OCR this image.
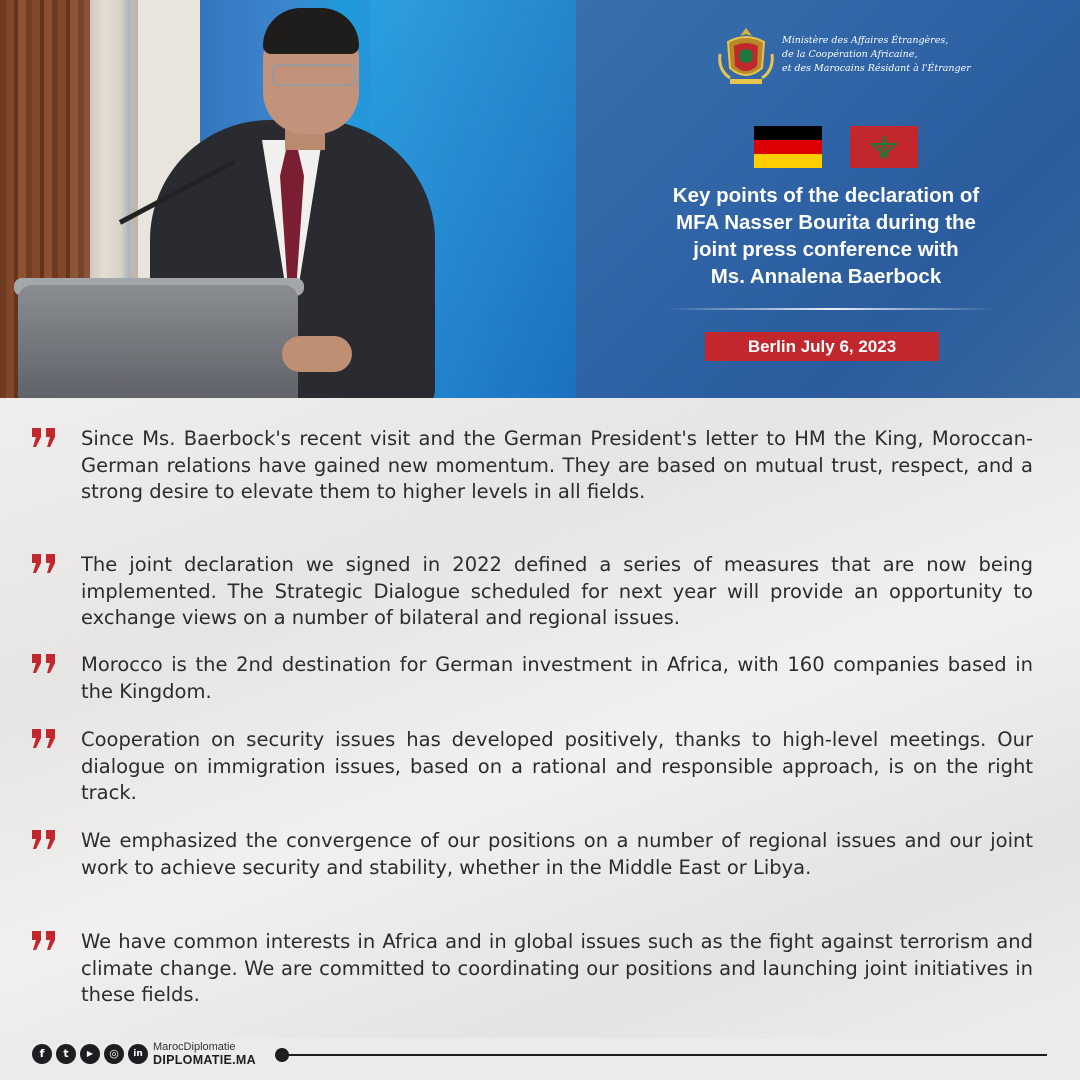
Ministère des Affaires Étrangères,
de la Coopération Africaine,
et des Marocains Résidant à l'Étranger
Key points of the declaration of
MFA Nasser Bourita during the
joint press conference with
Ms. Annalena Baerbock
Berlin July 6, 2023
Since Ms. Baerbock's recent visit and the German President's letter to HM the King, Moroccan-German relations have gained new momentum. They are based on mutual trust, respect, and a strong desire to elevate them to higher levels in all fields.
The joint declaration we signed in 2022 defined a series of measures that are now being implemented. The Strategic Dialogue scheduled for next year will provide an opportunity to exchange views on a number of bilateral and regional issues.
Morocco is the 2nd destination for German investment in Africa, with 160 companies based in the Kingdom.
Cooperation on security issues has developed positively, thanks to high-level meetings. Our dialogue on immigration issues, based on a rational and responsible approach, is on the right track.
We emphasized the convergence of our positions on a number of regional issues and our joint work to achieve security and stability, whether in the Middle East or Libya.
We have common interests in Africa and in global issues such as the fight against terrorism and climate change. We are committed to coordinating our positions and launching joint initiatives in these fields.
f	t	▶	◎	in
MarocDiplomatie
DIPLOMATIE.MA
